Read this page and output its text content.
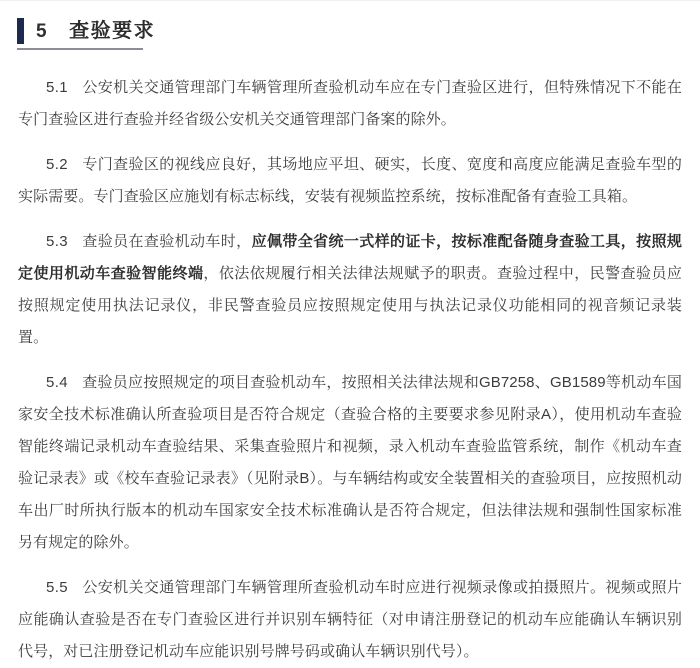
5 查验要求

5.1 公安机关交通管理部门车辆管理所查验机动车应在专门查验区进行，但特殊情况下不能在专门查验区进行查验并经省级公安机关交通管理部门备案的除外。

5.2 专门查验区的视线应良好，其场地应平坦、硬实，长度、宽度和高度应能满足查验车型的实际需要。专门查验区应施划有标志标线，安装有视频监控系统，按标准配备有查验工具箱。

5.3 查验员在查验机动车时，应佩带全省统一式样的证卡，按标准配备随身查验工具，按照规定使用机动车查验智能终端，依法依规履行相关法律法规赋予的职责。查验过程中，民警查验员应按照规定使用执法记录仪，非民警查验员应按照规定使用与执法记录仪功能相同的视音频记录装置。

5.4 查验员应按照规定的项目查验机动车，按照相关法律法规和GB7258、GB1589等机动车国家安全技术标准确认所查验项目是否符合规定（查验合格的主要要求参见附录A），使用机动车查验智能终端记录机动车查验结果、采集查验照片和视频，录入机动车查验监管系统，制作《机动车查验记录表》或《校车查验记录表》（见附录B）。与车辆结构或安全装置相关的查验项目，应按照机动车出厂时所执行版本的机动车国家安全技术标准确认是否符合规定，但法律法规和强制性国家标准另有规定的除外。

5.5 公安机关交通管理部门车辆管理所查验机动车时应进行视频录像或拍摄照片。视频或照片应能确认查验是否在专门查验区进行并识别车辆特征（对申请注册登记的机动车应能确认车辆识别代号，对已注册登记机动车应能识别号牌号码或确认车辆识别代号）。
